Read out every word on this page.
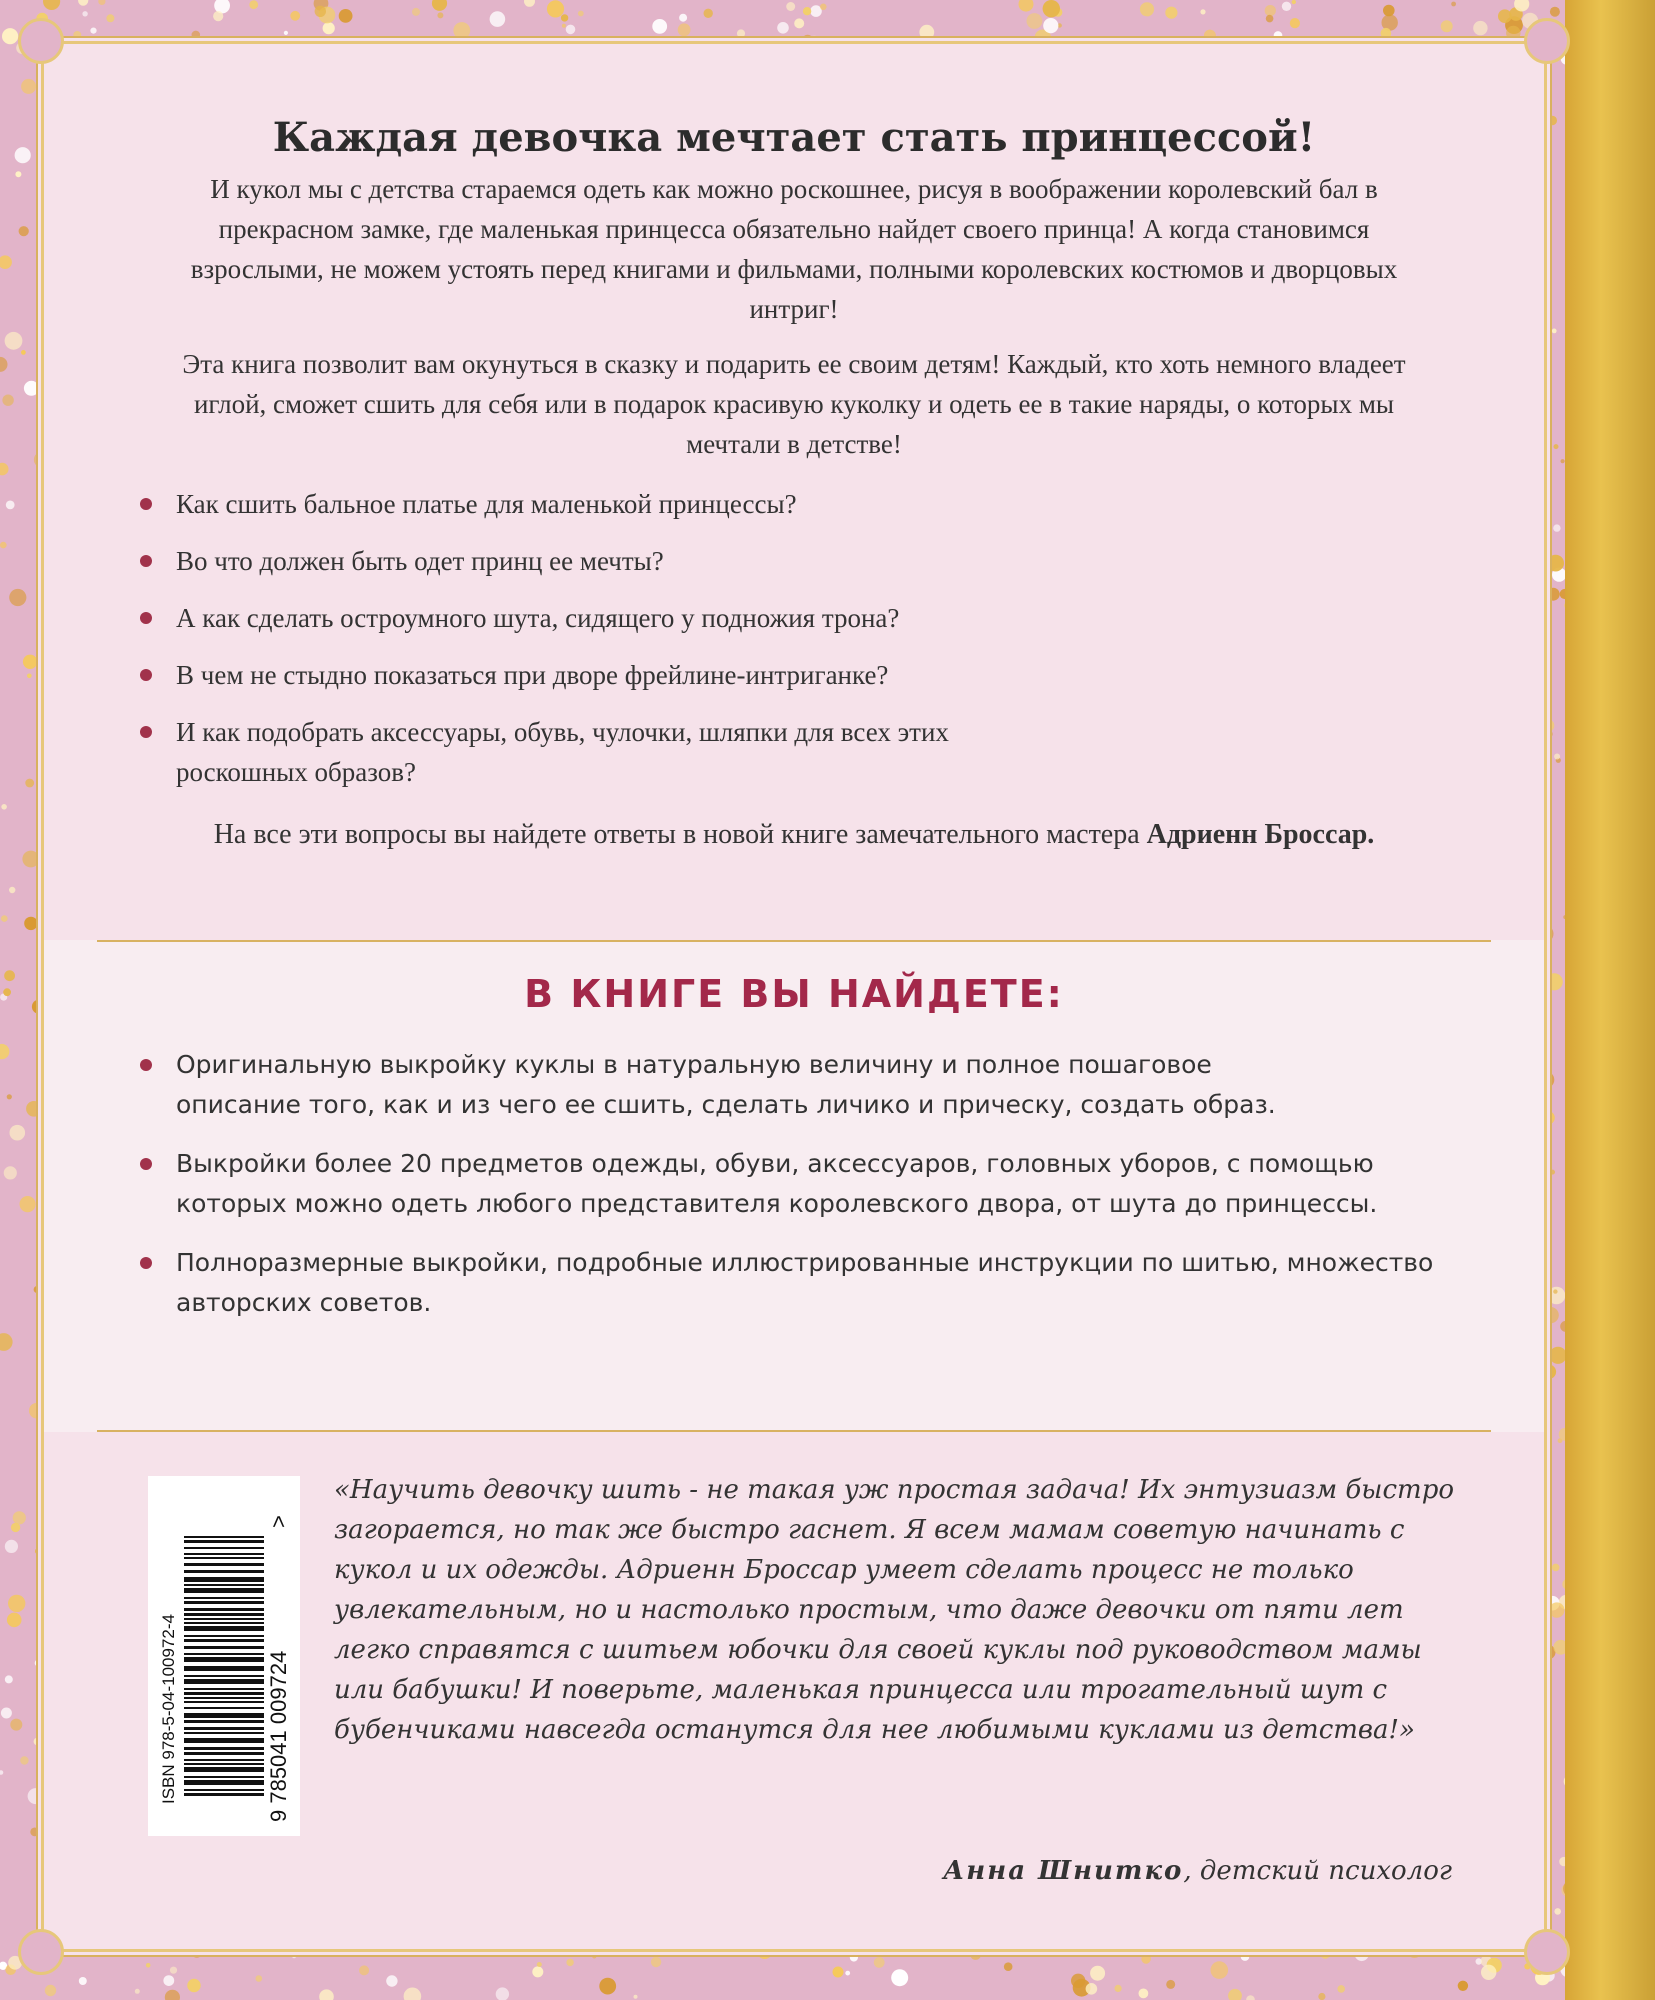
Каждая девочка мечтает стать принцессой!

И кукол мы с детства стараемся одеть как можно роскошнее, рисуя в воображении королевский бал в прекрасном замке, где маленькая принцесса обязательно найдет своего принца! А когда становимся взрослыми, не можем устоять перед книгами и фильмами, полными королевских костюмов и дворцовых интриг!

Эта книга позволит вам окунуться в сказку и подарить ее своим детям! Каждый, кто хоть немного владеет иглой, сможет сшить для себя или в подарок красивую куколку и одеть ее в такие наряды, о которых мы мечтали в детстве!

Как сшить бальное платье для маленькой принцессы?
Во что должен быть одет принц ее мечты?
А как сделать остроумного шута, сидящего у подножия трона?
В чем не стыдно показаться при дворе фрейлине-интриганке?
И как подобрать аксессуары, обувь, чулочки, шляпки для всех этих роскошных образов?

На все эти вопросы вы найдете ответы в новой книге замечательного мастера Адриенн Броссар.

В КНИГЕ ВЫ НАЙДЕТЕ:
Оригинальную выкройку куклы в натуральную величину и полное пошаговое описание того, как и из чего ее сшить, сделать личико и прическу, создать образ.
Выкройки более 20 предметов одежды, обуви, аксессуаров, головных уборов, с помощью которых можно одеть любого представителя королевского двора, от шута до принцессы.
Полноразмерные выкройки, подробные иллюстрированные инструкции по шитью, множество авторских советов.
ISBN 978-5-04-100972-4	9 785041 009724
>

«Научить девочку шить - не такая уж простая задача! Их энтузиазм быстро загорается, но так же быстро гаснет. Я всем мамам советую начинать с кукол и их одежды. Адриенн Броссар умеет сделать процесс не только увлекательным, но и настолько простым, что даже девочки от пяти лет легко справятся с шитьем юбочки для своей куклы под руководством мамы или бабушки! И поверьте, маленькая принцесса или трогательный шут с бубенчиками навсегда останутся для нее любимыми куклами из детства!»

Анна Шнитко, детский психолог
